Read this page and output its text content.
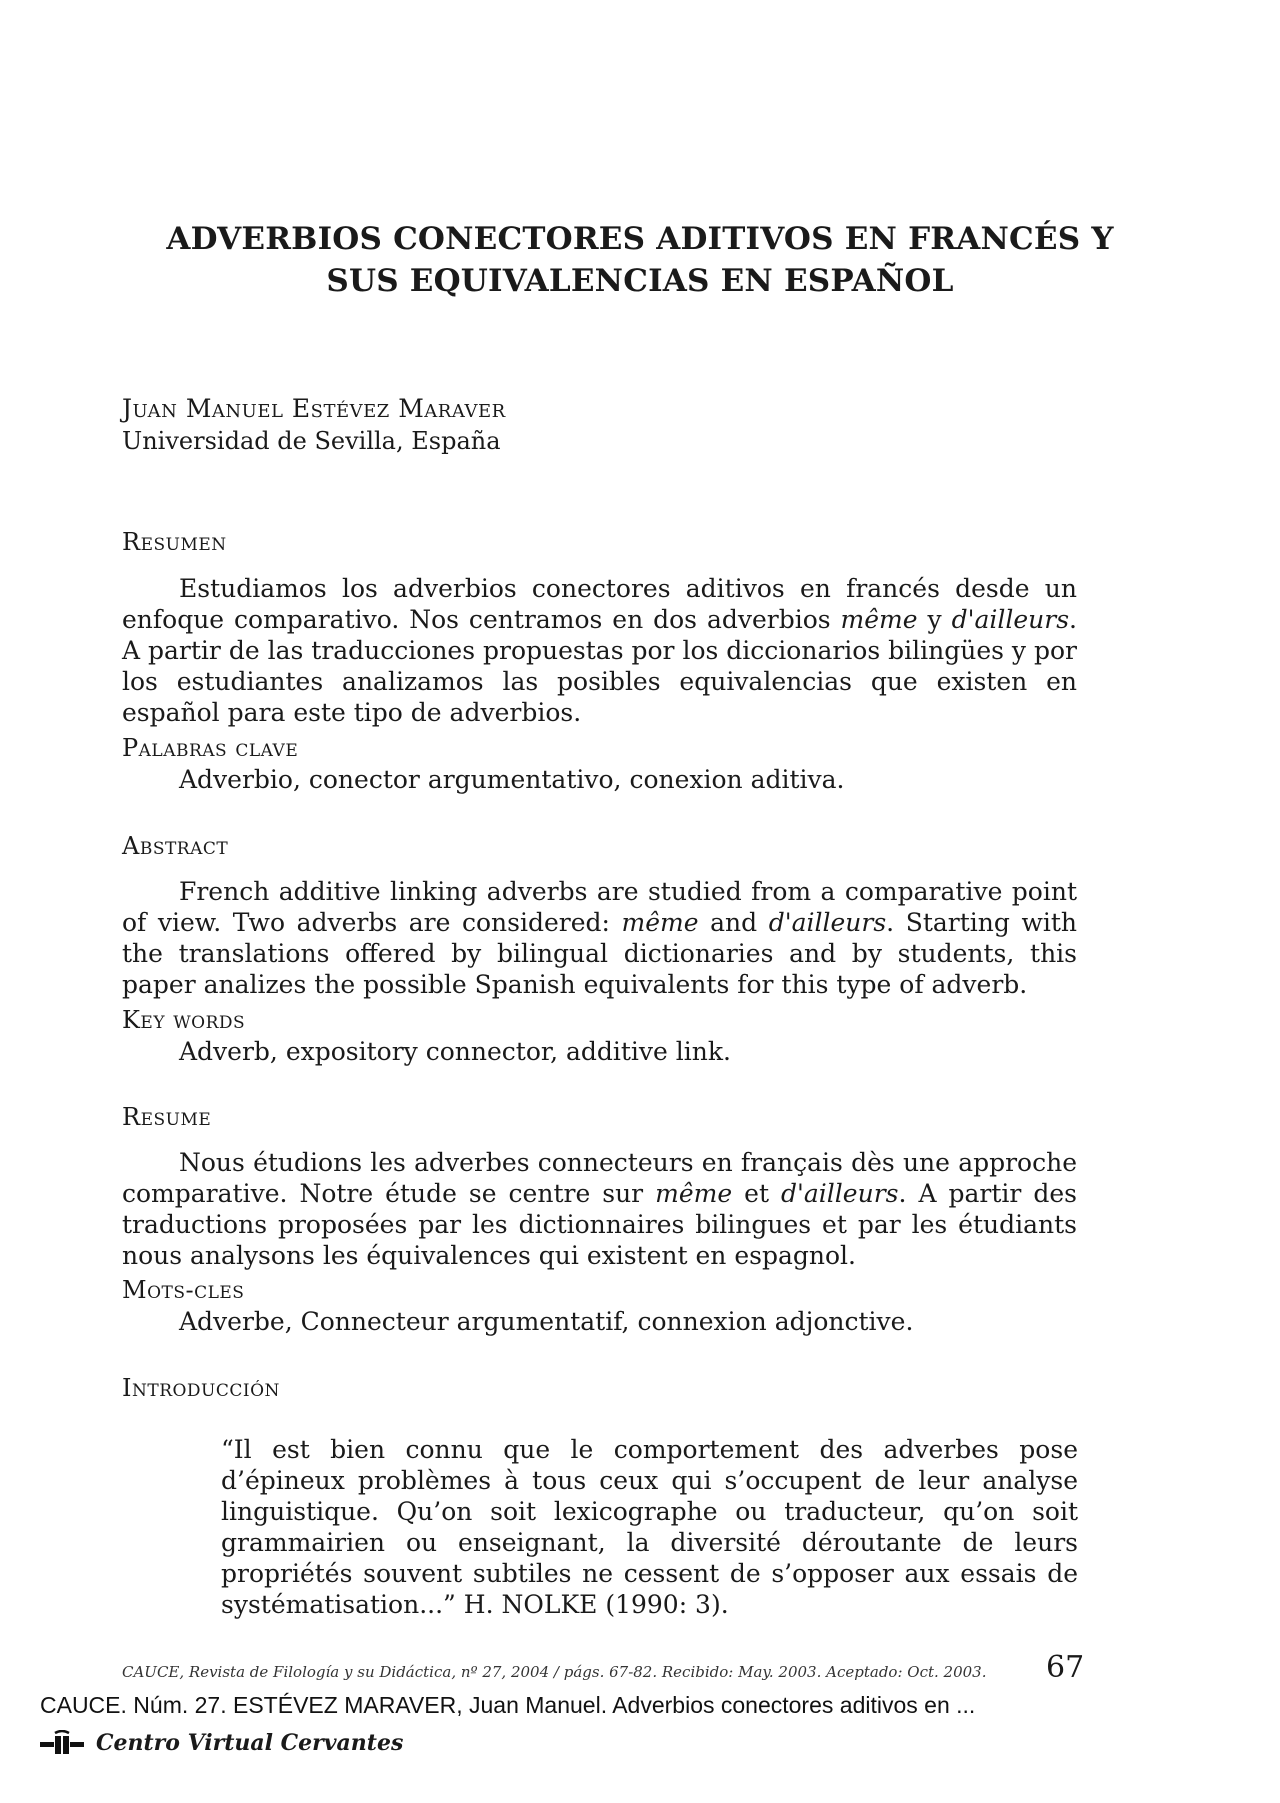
ADVERBIOS CONECTORES ADITIVOS EN FRANCÉS Y
SUS EQUIVALENCIAS EN ESPAÑOL
Juan Manuel Estévez Maraver
Universidad de Sevilla, España
Resumen
Estudiamos los adverbios conectores aditivos en francés desde un enfoque comparativo. Nos centramos en dos adverbios même y d'ailleurs. A partir de las traducciones propuestas por los diccionarios bilingües y por los estudiantes analizamos las posibles equivalencias que existen en español para este tipo de adverbios.
Palabras clave
Adverbio, conector argumentativo, conexion aditiva.
Abstract
French additive linking adverbs are studied from a comparative point of view. Two adverbs are considered: même and d'ailleurs. Starting with the translations offered by bilingual dictionaries and by students, this paper analizes the possible Spanish equivalents for this type of adverb.
Key words
Adverb, expository connector, additive link.
Resume
Nous étudions les adverbes connecteurs en français dès une approche comparative. Notre étude se centre sur même et d'ailleurs. A partir des traductions proposées par les dictionnaires bilingues et par les étudiants nous analysons les équivalences qui existent en espagnol.
Mots-cles
Adverbe, Connecteur argumentatif, connexion adjonctive.
Introducción
“Il est bien connu que le comportement des adverbes pose d’épineux problèmes à tous ceux qui s’occupent de leur analyse linguistique. Qu’on soit lexicographe ou traducteur, qu’on soit grammairien ou enseignant, la diversité déroutante de leurs propriétés souvent subtiles ne cessent de s’opposer aux essais de systématisation...” H. NOLKE (1990: 3).
CAUCE, Revista de Filología y su Didáctica, nº 27, 2004 / págs. 67-82. Recibido: May. 2003. Aceptado: Oct. 2003. 67
CAUCE. Núm. 27. ESTÉVEZ MARAVER, Juan Manuel. Adverbios conectores aditivos en ...
Centro Virtual Cervantes
